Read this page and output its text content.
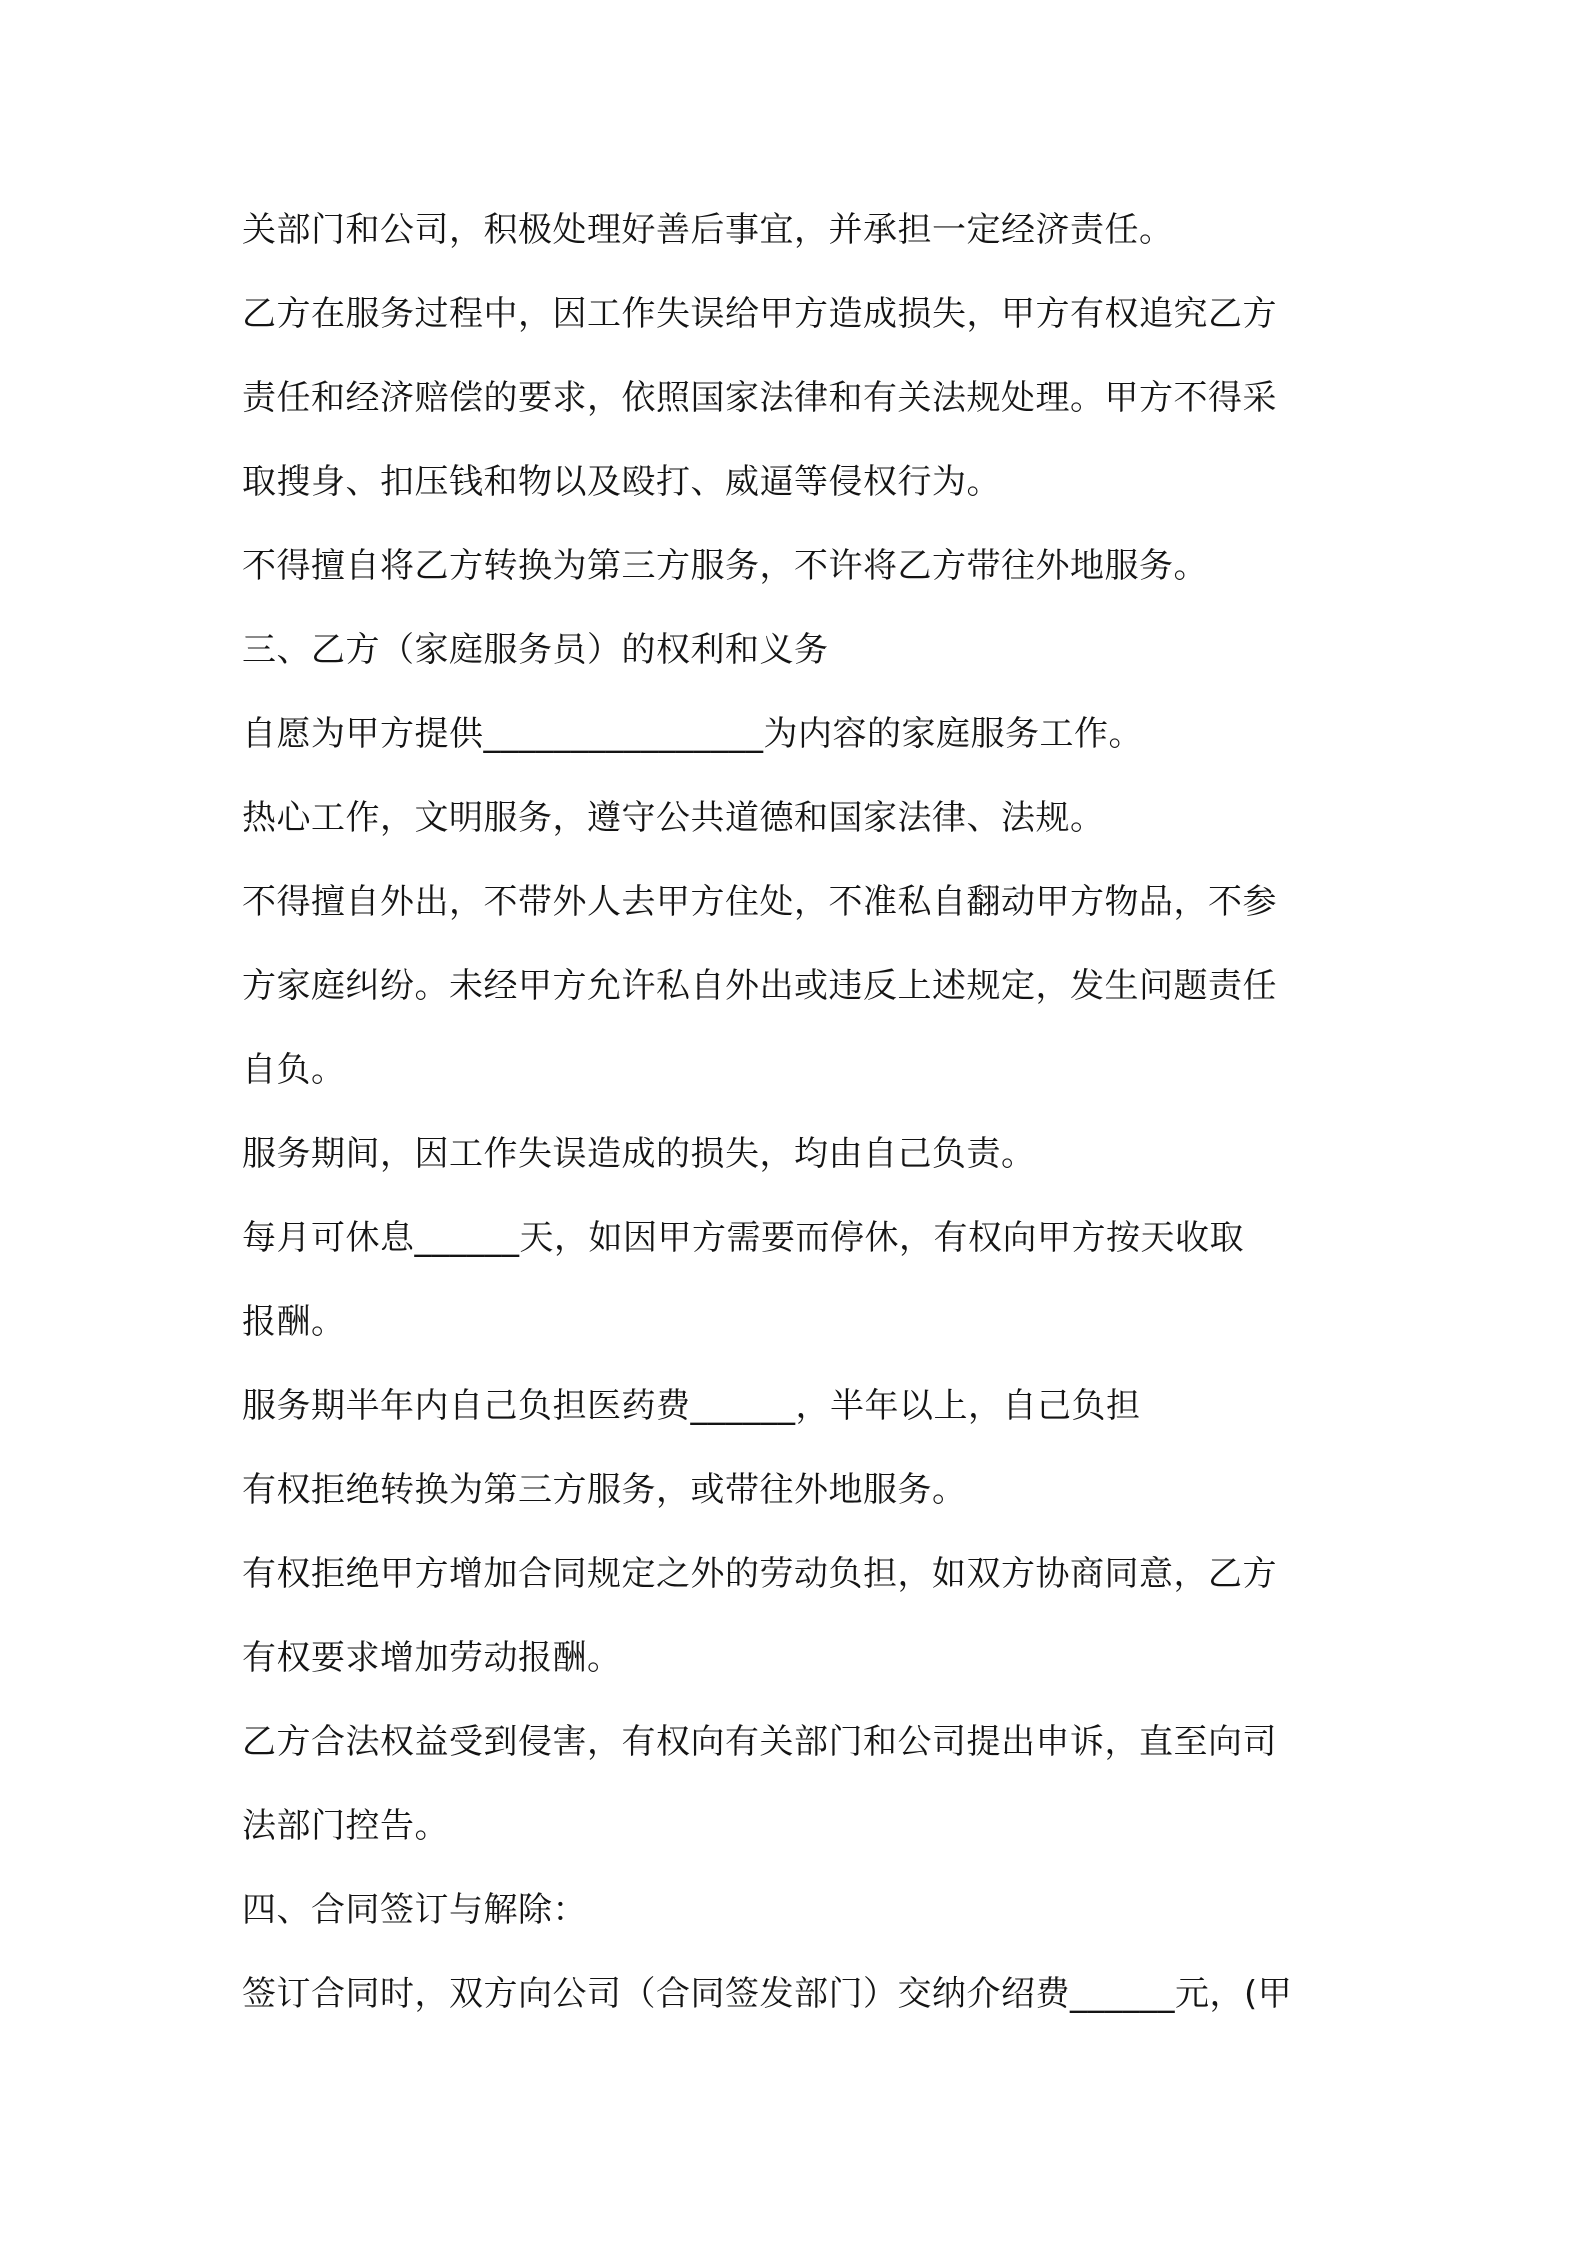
关部门和公司，积极处理好善后事宜，并承担一定经济责任。
乙方在服务过程中，因工作失误给甲方造成损失，甲方有权追究乙方
责任和经济赔偿的要求，依照国家法律和有关法规处理。甲方不得采
取搜身、扣压钱和物以及殴打、威逼等侵权行为。
不得擅自将乙方转换为第三方服务，不许将乙方带往外地服务。
三、乙方（家庭服务员）的权利和义务
自愿为甲方提供________________为内容的家庭服务工作。
热心工作，文明服务，遵守公共道德和国家法律、法规。
不得擅自外出，不带外人去甲方住处，不准私自翻动甲方物品，不参
方家庭纠纷。未经甲方允许私自外出或违反上述规定，发生问题责任
自负。
服务期间，因工作失误造成的损失，均由自己负责。
每月可休息______天，如因甲方需要而停休，有权向甲方按天收取
报酬。
服务期半年内自己负担医药费______，半年以上，自己负担
有权拒绝转换为第三方服务，或带往外地服务。
有权拒绝甲方增加合同规定之外的劳动负担，如双方协商同意，乙方
有权要求增加劳动报酬。
乙方合法权益受到侵害，有权向有关部门和公司提出申诉，直至向司
法部门控告。
四、合同签订与解除：
签订合同时，双方向公司（合同签发部门）交纳介绍费______元，(甲
